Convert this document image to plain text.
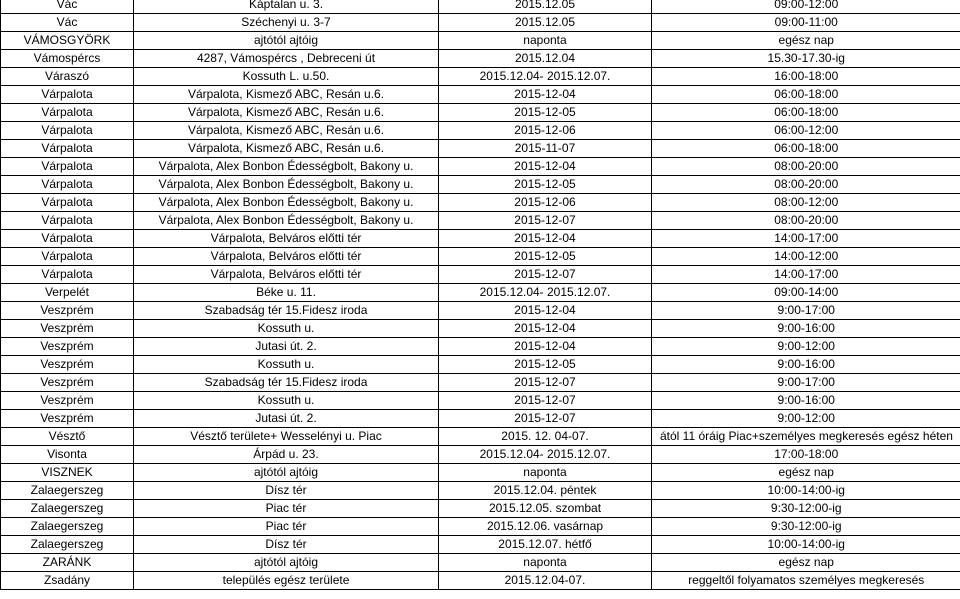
Vác	Káptalan u. 3.	2015.12.05	09:00-12:00
Vác	Széchenyi u. 3-7	2015.12.05	09:00-11:00
VÁMOSGYÖRK	ajtótól ajtóig	naponta	egész nap
Vámospércs	4287, Vámospércs , Debreceni út	2015.12.04	15.30-17.30-ig
Váraszó	Kossuth L. u.50.	2015.12.04- 2015.12.07.	16:00-18:00
Várpalota	Várpalota, Kismező ABC, Resán u.6.	2015-12-04	06:00-18:00
Várpalota	Várpalota, Kismező ABC, Resán u.6.	2015-12-05	06:00-18:00
Várpalota	Várpalota, Kismező ABC, Resán u.6.	2015-12-06	06:00-12:00
Várpalota	Várpalota, Kismező ABC, Resán u.6.	2015-11-07	06:00-18:00
Várpalota	Várpalota, Alex Bonbon Édességbolt, Bakony u.	2015-12-04	08:00-20:00
Várpalota	Várpalota, Alex Bonbon Édességbolt, Bakony u.	2015-12-05	08:00-20:00
Várpalota	Várpalota, Alex Bonbon Édességbolt, Bakony u.	2015-12-06	08:00-12:00
Várpalota	Várpalota, Alex Bonbon Édességbolt, Bakony u.	2015-12-07	08:00-20:00
Várpalota	Várpalota, Belváros előtti tér	2015-12-04	14:00-17:00
Várpalota	Várpalota, Belváros előtti tér	2015-12-05	14:00-12:00
Várpalota	Várpalota, Belváros előtti tér	2015-12-07	14:00-17:00
Verpelét	Béke u. 11.	2015.12.04- 2015.12.07.	09:00-14:00
Veszprém	Szabadság tér 15.Fidesz iroda	2015-12-04	9:00-17:00
Veszprém	Kossuth u.	2015-12-04	9:00-16:00
Veszprém	Jutasi út. 2.	2015-12-04	9:00-12:00
Veszprém	Kossuth u.	2015-12-05	9:00-16:00
Veszprém	Szabadság tér 15.Fidesz iroda	2015-12-07	9:00-17:00
Veszprém	Kossuth u.	2015-12-07	9:00-16:00
Veszprém	Jutasi út. 2.	2015-12-07	9:00-12:00
Vésztő	Vésztő területe+ Wesselényi u. Piac	2015. 12. 04-07.	ától 11 óráig Piac+személyes megkeresés egész héten
Visonta	Árpád u. 23.	2015.12.04- 2015.12.07.	17:00-18:00
VISZNEK	ajtótól ajtóig	naponta	egész nap
Zalaegerszeg	Dísz tér	2015.12.04. péntek	10:00-14:00-ig
Zalaegerszeg	Piac tér	2015.12.05. szombat	9:30-12:00-ig
Zalaegerszeg	Piac tér	2015.12.06. vasárnap	9:30-12:00-ig
Zalaegerszeg	Dísz tér	2015.12.07. hétfő	10:00-14:00-ig
ZARÁNK	ajtótól ajtóig	naponta	egész nap
Zsadány	település egész területe	2015.12.04-07.	reggeltől folyamatos személyes megkeresés
